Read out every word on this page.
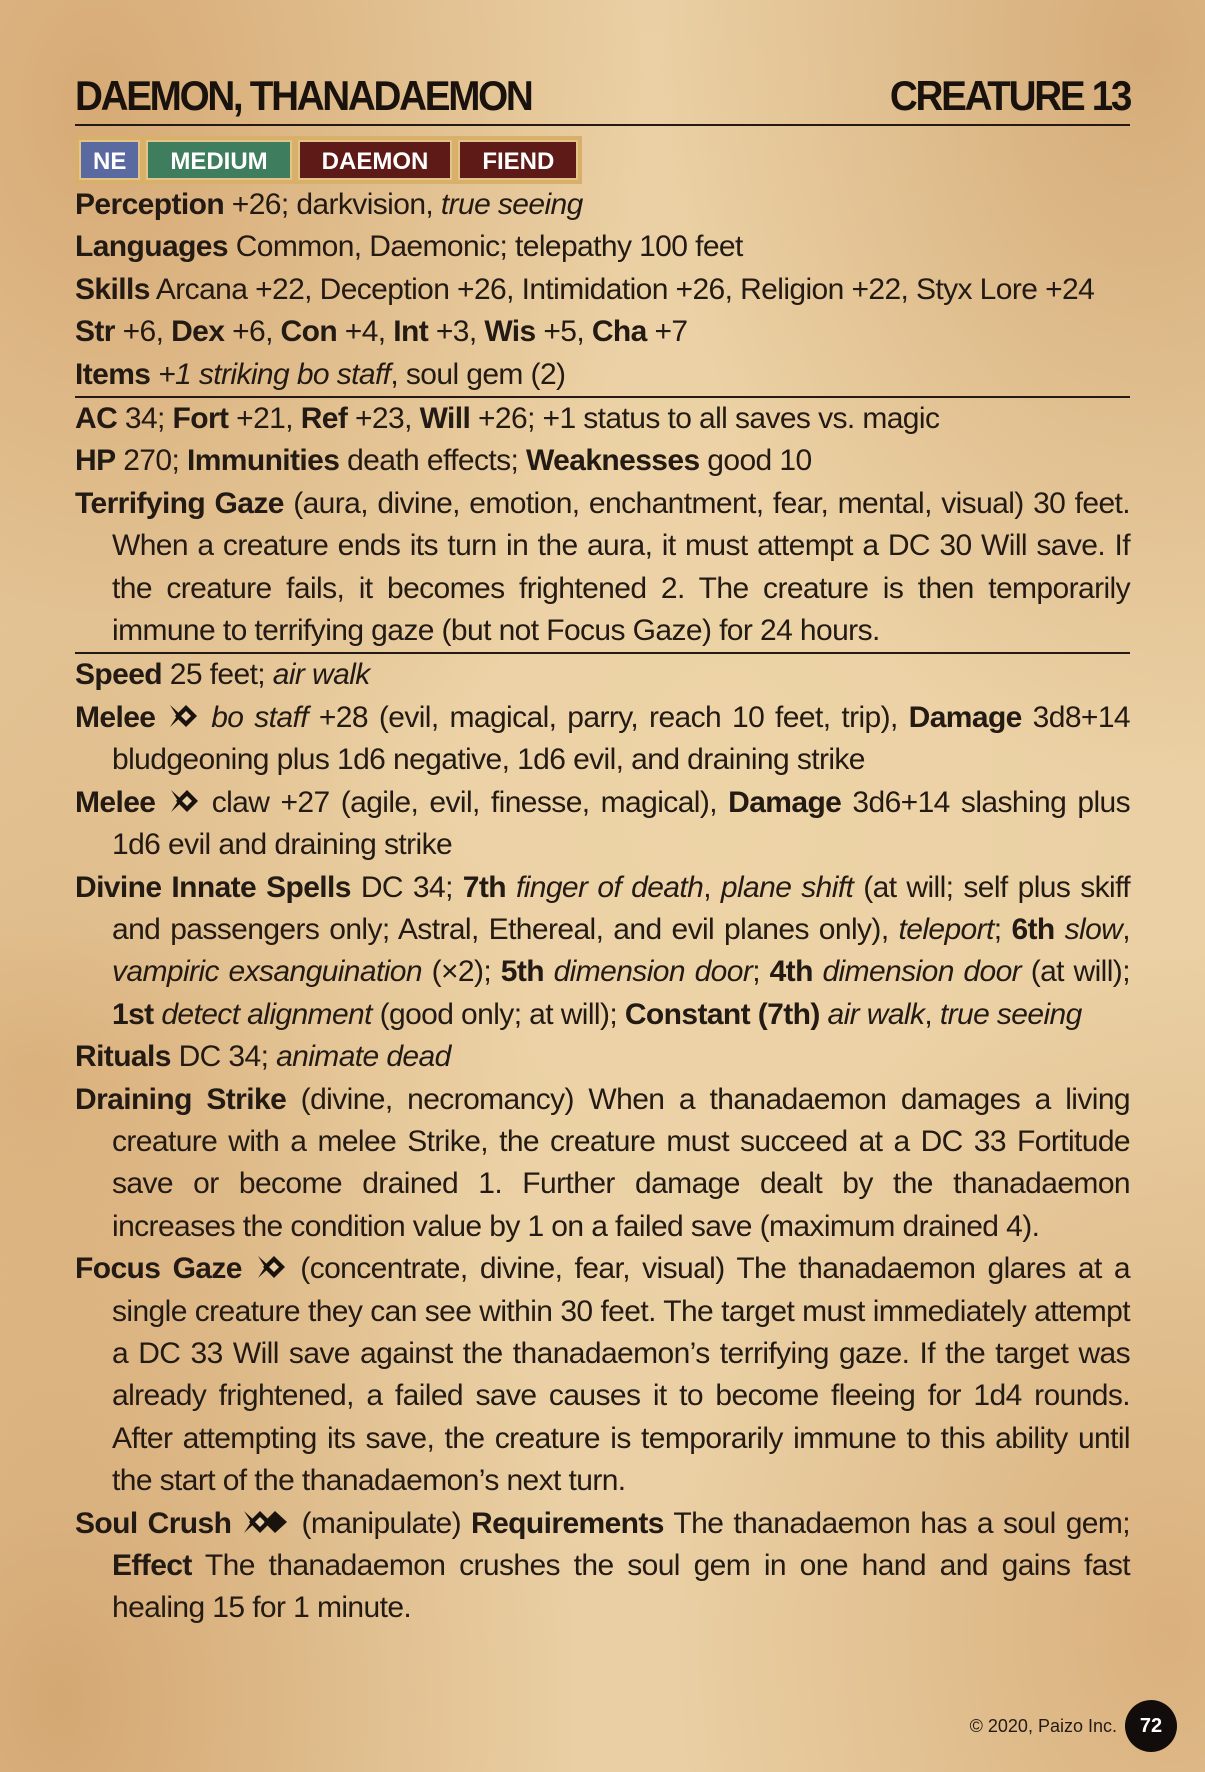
DAEMON, THANADAEMON	CREATURE 13
NE	MEDIUM	DAEMON	FIEND
Perception +26; darkvision, true seeing
Languages Common, Daemonic; telepathy 100 feet
Skills Arcana +22, Deception +26, Intimidation +26, Religion +22, Styx Lore +24
Str +6, Dex +6, Con +4, Int +3, Wis +5, Cha +7
Items +1 striking bo staff, soul gem (2)
AC 34; Fort +21, Ref +23, Will +26; +1 status to all saves vs. magic
HP 270; Immunities death effects; Weaknesses good 10
Terrifying Gaze (aura, divine, emotion, enchantment, fear, mental, visual) 30 feet. When a creature ends its turn in the aura, it must attempt a DC 30 Will save. If the creature fails, it becomes frightened 2. The creature is then temporarily immune to terrifying gaze (but not Focus Gaze) for 24 hours.
Speed 25 feet; air walk
Melee bo staff +28 (evil, magical, parry, reach 10 feet, trip), Damage 3d8+14 bludgeoning plus 1d6 negative, 1d6 evil, and draining strike
Melee  claw +27 (agile, evil, finesse, magical), Damage 3d6+14 slashing plus 1d6 evil and draining strike
Divine Innate Spells DC 34; 7th finger of death, plane shift (at will; self plus skiff and passengers only; Astral, Ethereal, and evil planes only), teleport; 6th slow, vampiric exsanguination (×2); 5th dimension door; 4th dimension door (at will); 1st detect alignment (good only; at will); Constant (7th) air walk, true seeing
Rituals DC 34; animate dead
Draining Strike (divine, necromancy) When a thanadaemon damages a living creature with a melee Strike, the creature must succeed at a DC 33 Fortitude save or become drained 1. Further damage dealt by the thanadaemon increases the condition value by 1 on a failed save (maximum drained 4).
Focus Gaze  (concentrate, divine, fear, visual) The thanadaemon glares at a single creature they can see within 30 feet. The target must immediately attempt a DC 33 Will save against the thanadaemon’s terrifying gaze. If the target was already frightened, a failed save causes it to become fleeing for 1d4 rounds. After attempting its save, the creature is temporarily immune to this ability until the start of the thanadaemon’s next turn.
Soul Crush  (manipulate) Requirements The thanadaemon has a soul gem; Effect The thanadaemon crushes the soul gem in one hand and gains fast healing 15 for 1 minute.
© 2020, Paizo Inc.	72
